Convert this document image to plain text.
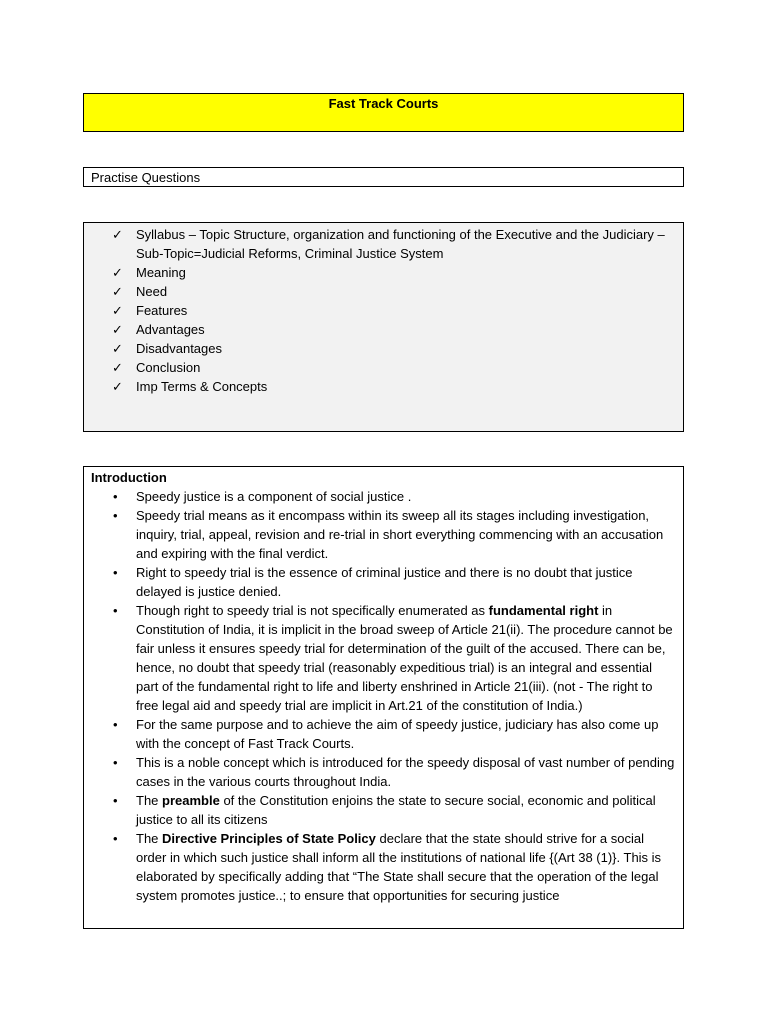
Fast Track Courts
Practise Questions
✓	Syllabus – Topic Structure, organization and functioning of the Executive and the Judiciary – Sub-Topic=Judicial Reforms, Criminal Justice System
✓	Meaning
✓	Need
✓	Features
✓	Advantages
✓	Disadvantages
✓	Conclusion
✓	Imp Terms & Concepts
Introduction
•	Speedy justice is a component of social justice .
•	Speedy trial means as it encompass within its sweep all its stages including investigation, inquiry, trial, appeal, revision and re-trial in short everything commencing with an accusation and expiring with the final verdict.
•	Right to speedy trial is the essence of criminal justice and there is no doubt that justice delayed is justice denied.
•	Though right to speedy trial is not specifically enumerated as fundamental right in Constitution of India, it is implicit in the broad sweep of Article 21(ii). The procedure cannot be fair unless it ensures speedy trial for determination of the guilt of the accused. There can be, hence, no doubt that speedy trial (reasonably expeditious trial) is an integral and essential part of the fundamental right to life and liberty enshrined in Article 21(iii). (not - The right to free legal aid and speedy trial are implicit in Art.21 of the constitution of India.)
•	For the same purpose and to achieve the aim of speedy justice, judiciary has also come up with the concept of Fast Track Courts.
•	This is a noble concept which is introduced for the speedy disposal of vast number of pending cases in the various courts throughout India.
•	The preamble of the Constitution enjoins the state to secure social, economic and political justice to all its citizens
•	The Directive Principles of State Policy declare that the state should strive for a social order in which such justice shall inform all the institutions of national life {(Art 38 (1)}. This is elaborated by specifically adding that “The State shall secure that the operation of the legal system promotes justice..; to ensure that opportunities for securing justice
